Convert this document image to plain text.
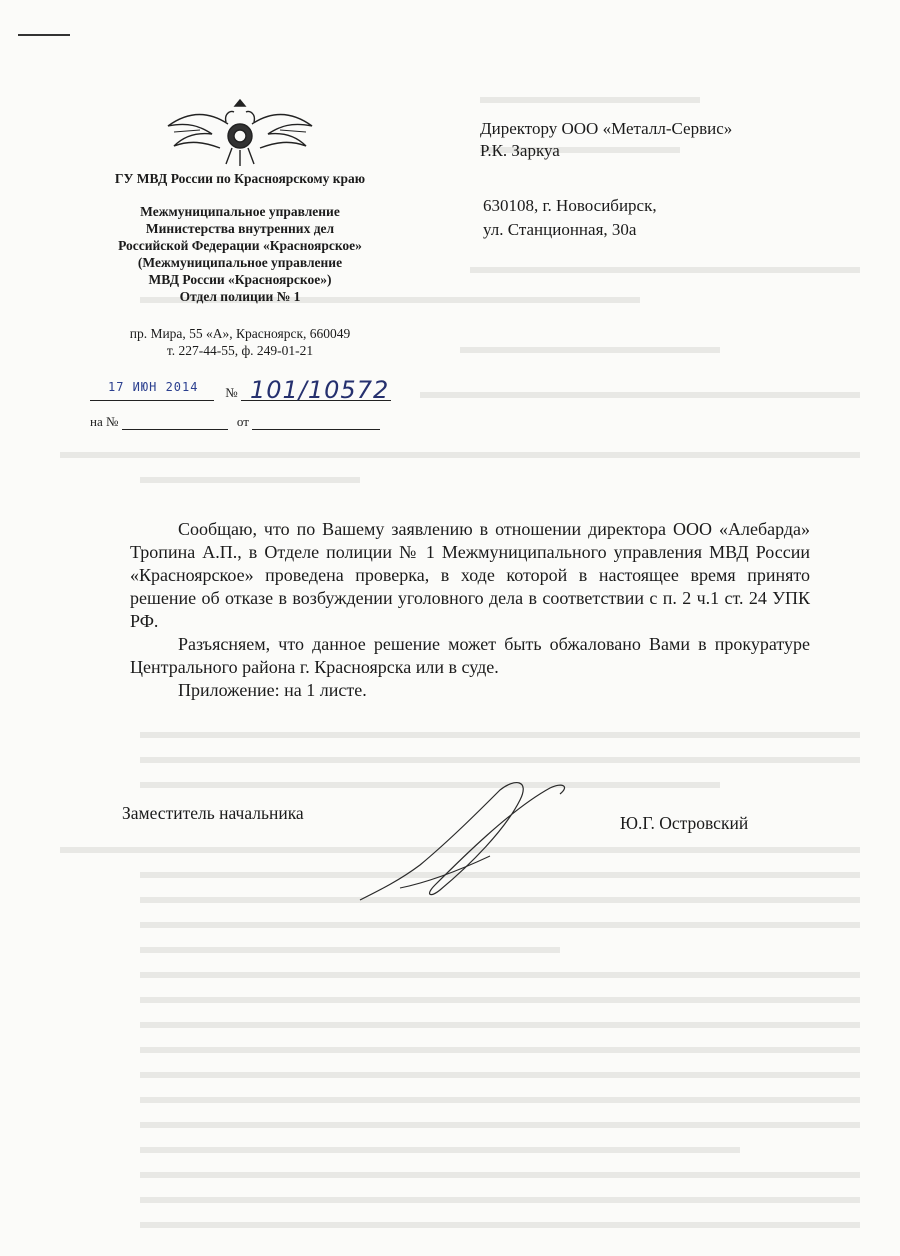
ГУ МВД России по Красноярскому краю
Межмуниципальное управление
Министерства внутренних дел
Российской Федерации «Красноярское»
(Межмуниципальное управление
МВД России «Красноярское»)
Отдел полиции № 1
пр. Мира, 55 «А», Красноярск, 660049
т. 227-44-55, ф. 249-01-21
№
17 ИЮН 2014 101/10572
на №	от
Директору ООО «Металл-Сервис»
Р.К. Заркуа
630108, г. Новосибирск,
ул. Станционная, 30а

Сообщаю, что по Вашему заявлению в отношении директора ООО «Алебарда» Тропина А.П., в Отделе полиции № 1 Межмуниципального управления МВД России «Красноярское» проведена проверка, в ходе которой в настоящее время принято решение об отказе в возбуждении уголовного дела в соответствии с п. 2 ч.1 ст. 24 УПК РФ.

Разъясняем, что данное решение может быть обжаловано Вами в прокуратуре Центрального района г. Красноярска или в суде.

Приложение: на 1 листе.

Заместитель начальника	Ю.Г. Островский
